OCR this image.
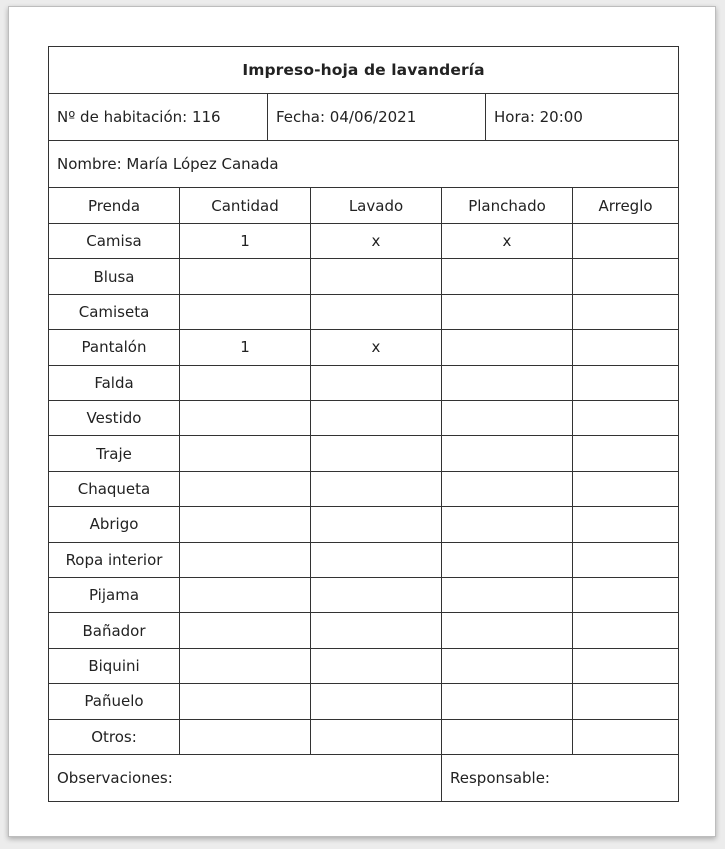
Impreso-hoja de lavandería
Nº de habitación: 116	Fecha: 04/06/2021	Hora: 20:00
Nombre: María López Canada
Prenda	Cantidad	Lavado	Planchado	Arreglo
Camisa	1	x	x
Blusa
Camiseta
Pantalón	1	x
Falda
Vestido
Traje
Chaqueta
Abrigo
Ropa interior
Pijama
Bañador
Biquini
Pañuelo
Otros:
Observaciones:	Responsable:
